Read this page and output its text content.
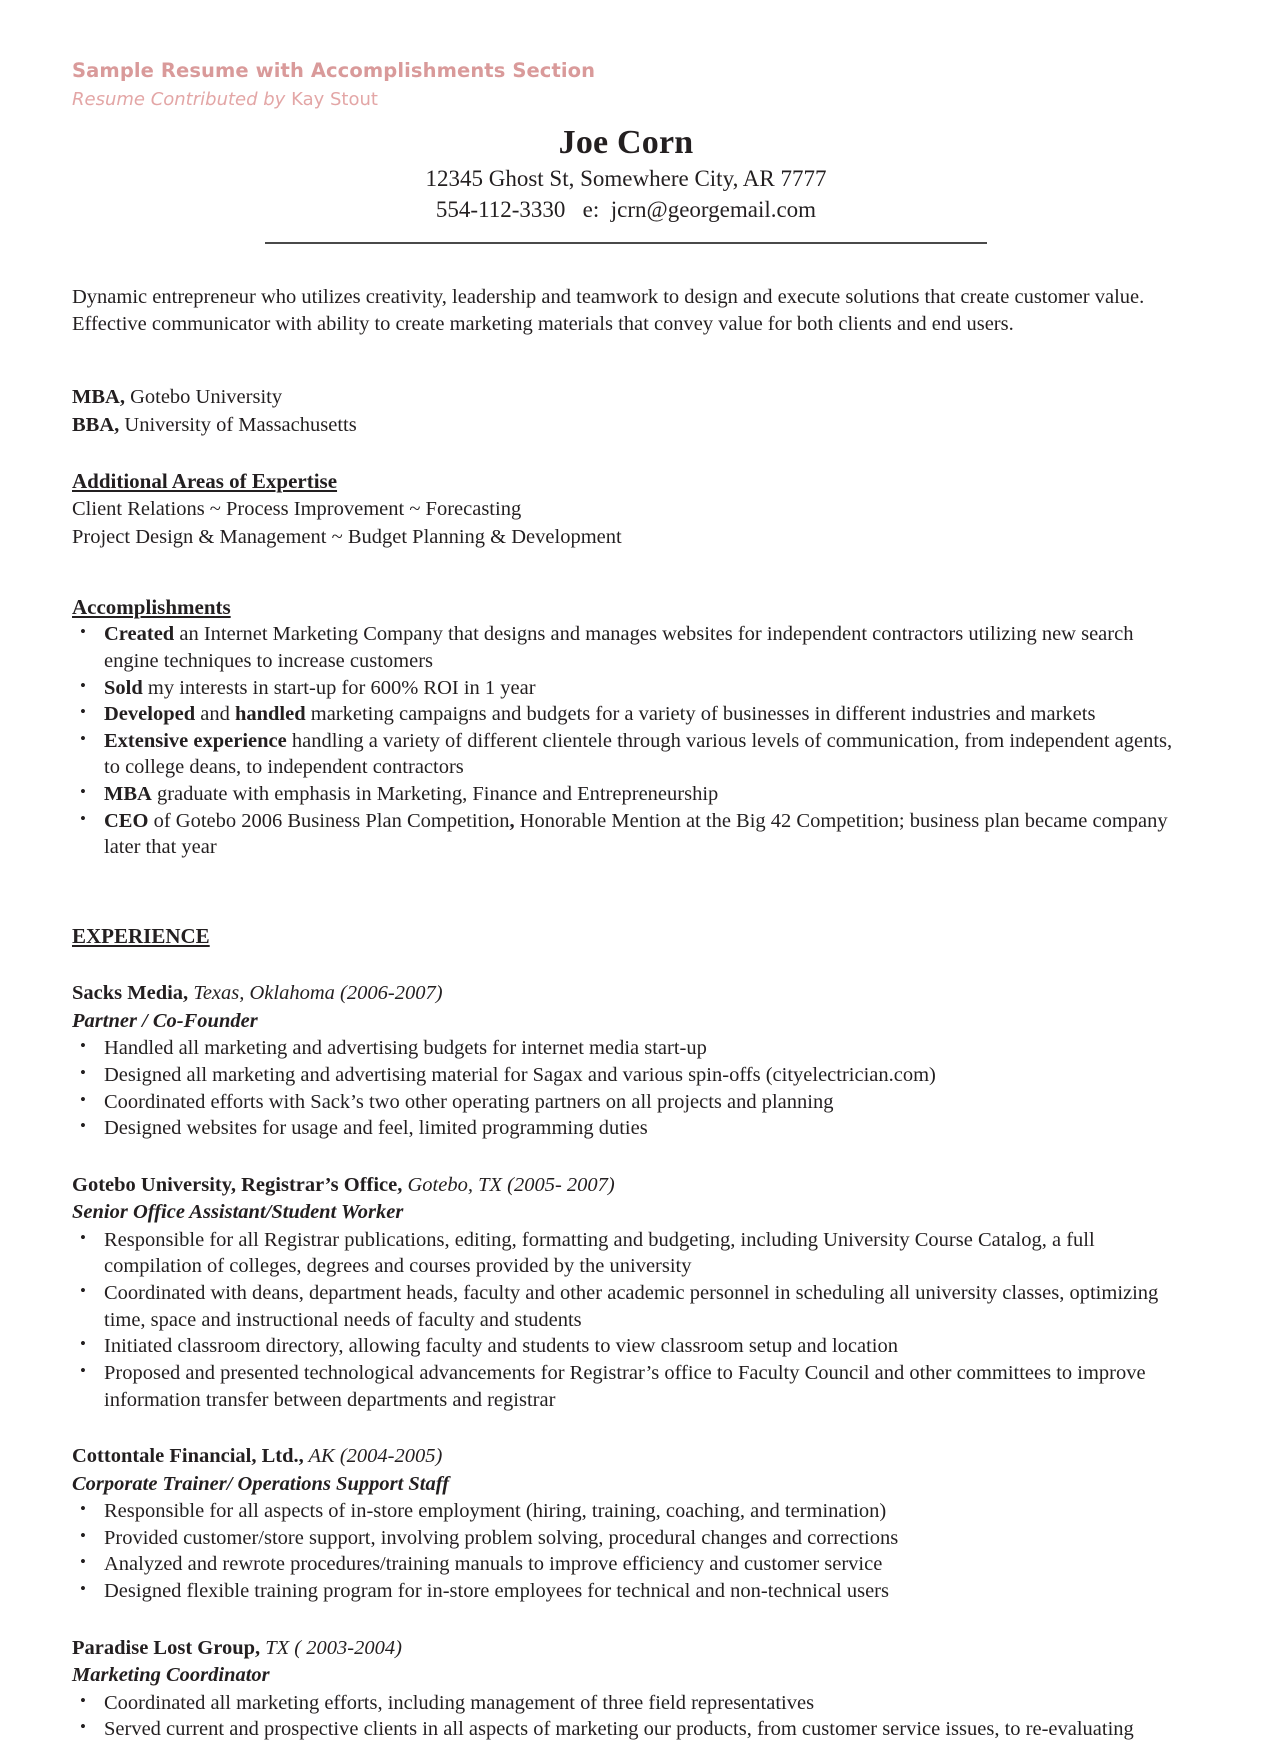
Sample Resume with Accomplishments Section
Resume Contributed by Kay Stout
Joe Corn
12345 Ghost St, Somewhere City, AR 7777
554-112-3330 e: jcrn@georgemail.com
Dynamic entrepreneur who utilizes creativity, leadership and teamwork to design and execute solutions that create customer value.
Effective communicator with ability to create marketing materials that convey value for both clients and end users.
MBA, Gotebo University
BBA, University of Massachusetts
Additional Areas of Expertise
Client Relations ~ Process Improvement ~ Forecasting
Project Design & Management ~ Budget Planning & Development
Accomplishments
• Created an Internet Marketing Company that designs and manages websites for independent contractors utilizing new search engine techniques to increase customers
• Sold my interests in start-up for 600% ROI in 1 year
• Developed and handled marketing campaigns and budgets for a variety of businesses in different industries and markets
• Extensive experience handling a variety of different clientele through various levels of communication, from independent agents, to college deans, to independent contractors
• MBA graduate with emphasis in Marketing, Finance and Entrepreneurship
• CEO of Gotebo 2006 Business Plan Competition, Honorable Mention at the Big 42 Competition; business plan became company later that year
EXPERIENCE
Sacks Media, Texas, Oklahoma (2006-2007)
Partner / Co-Founder
• Handled all marketing and advertising budgets for internet media start-up
• Designed all marketing and advertising material for Sagax and various spin-offs (cityelectrician.com)
• Coordinated efforts with Sack’s two other operating partners on all projects and planning
• Designed websites for usage and feel, limited programming duties
Gotebo University, Registrar’s Office, Gotebo, TX (2005- 2007)
Senior Office Assistant/Student Worker
• Responsible for all Registrar publications, editing, formatting and budgeting, including University Course Catalog, a full compilation of colleges, degrees and courses provided by the university
• Coordinated with deans, department heads, faculty and other academic personnel in scheduling all university classes, optimizing time, space and instructional needs of faculty and students
• Initiated classroom directory, allowing faculty and students to view classroom setup and location
• Proposed and presented technological advancements for Registrar’s office to Faculty Council and other committees to improve information transfer between departments and registrar
Cottontale Financial, Ltd., AK (2004-2005)
Corporate Trainer/ Operations Support Staff
• Responsible for all aspects of in-store employment (hiring, training, coaching, and termination)
• Provided customer/store support, involving problem solving, procedural changes and corrections
• Analyzed and rewrote procedures/training manuals to improve efficiency and customer service
• Designed flexible training program for in-store employees for technical and non-technical users
Paradise Lost Group, TX ( 2003-2004)
Marketing Coordinator
• Coordinated all marketing efforts, including management of three field representatives
• Served current and prospective clients in all aspects of marketing our products, from customer service issues, to re-evaluating
